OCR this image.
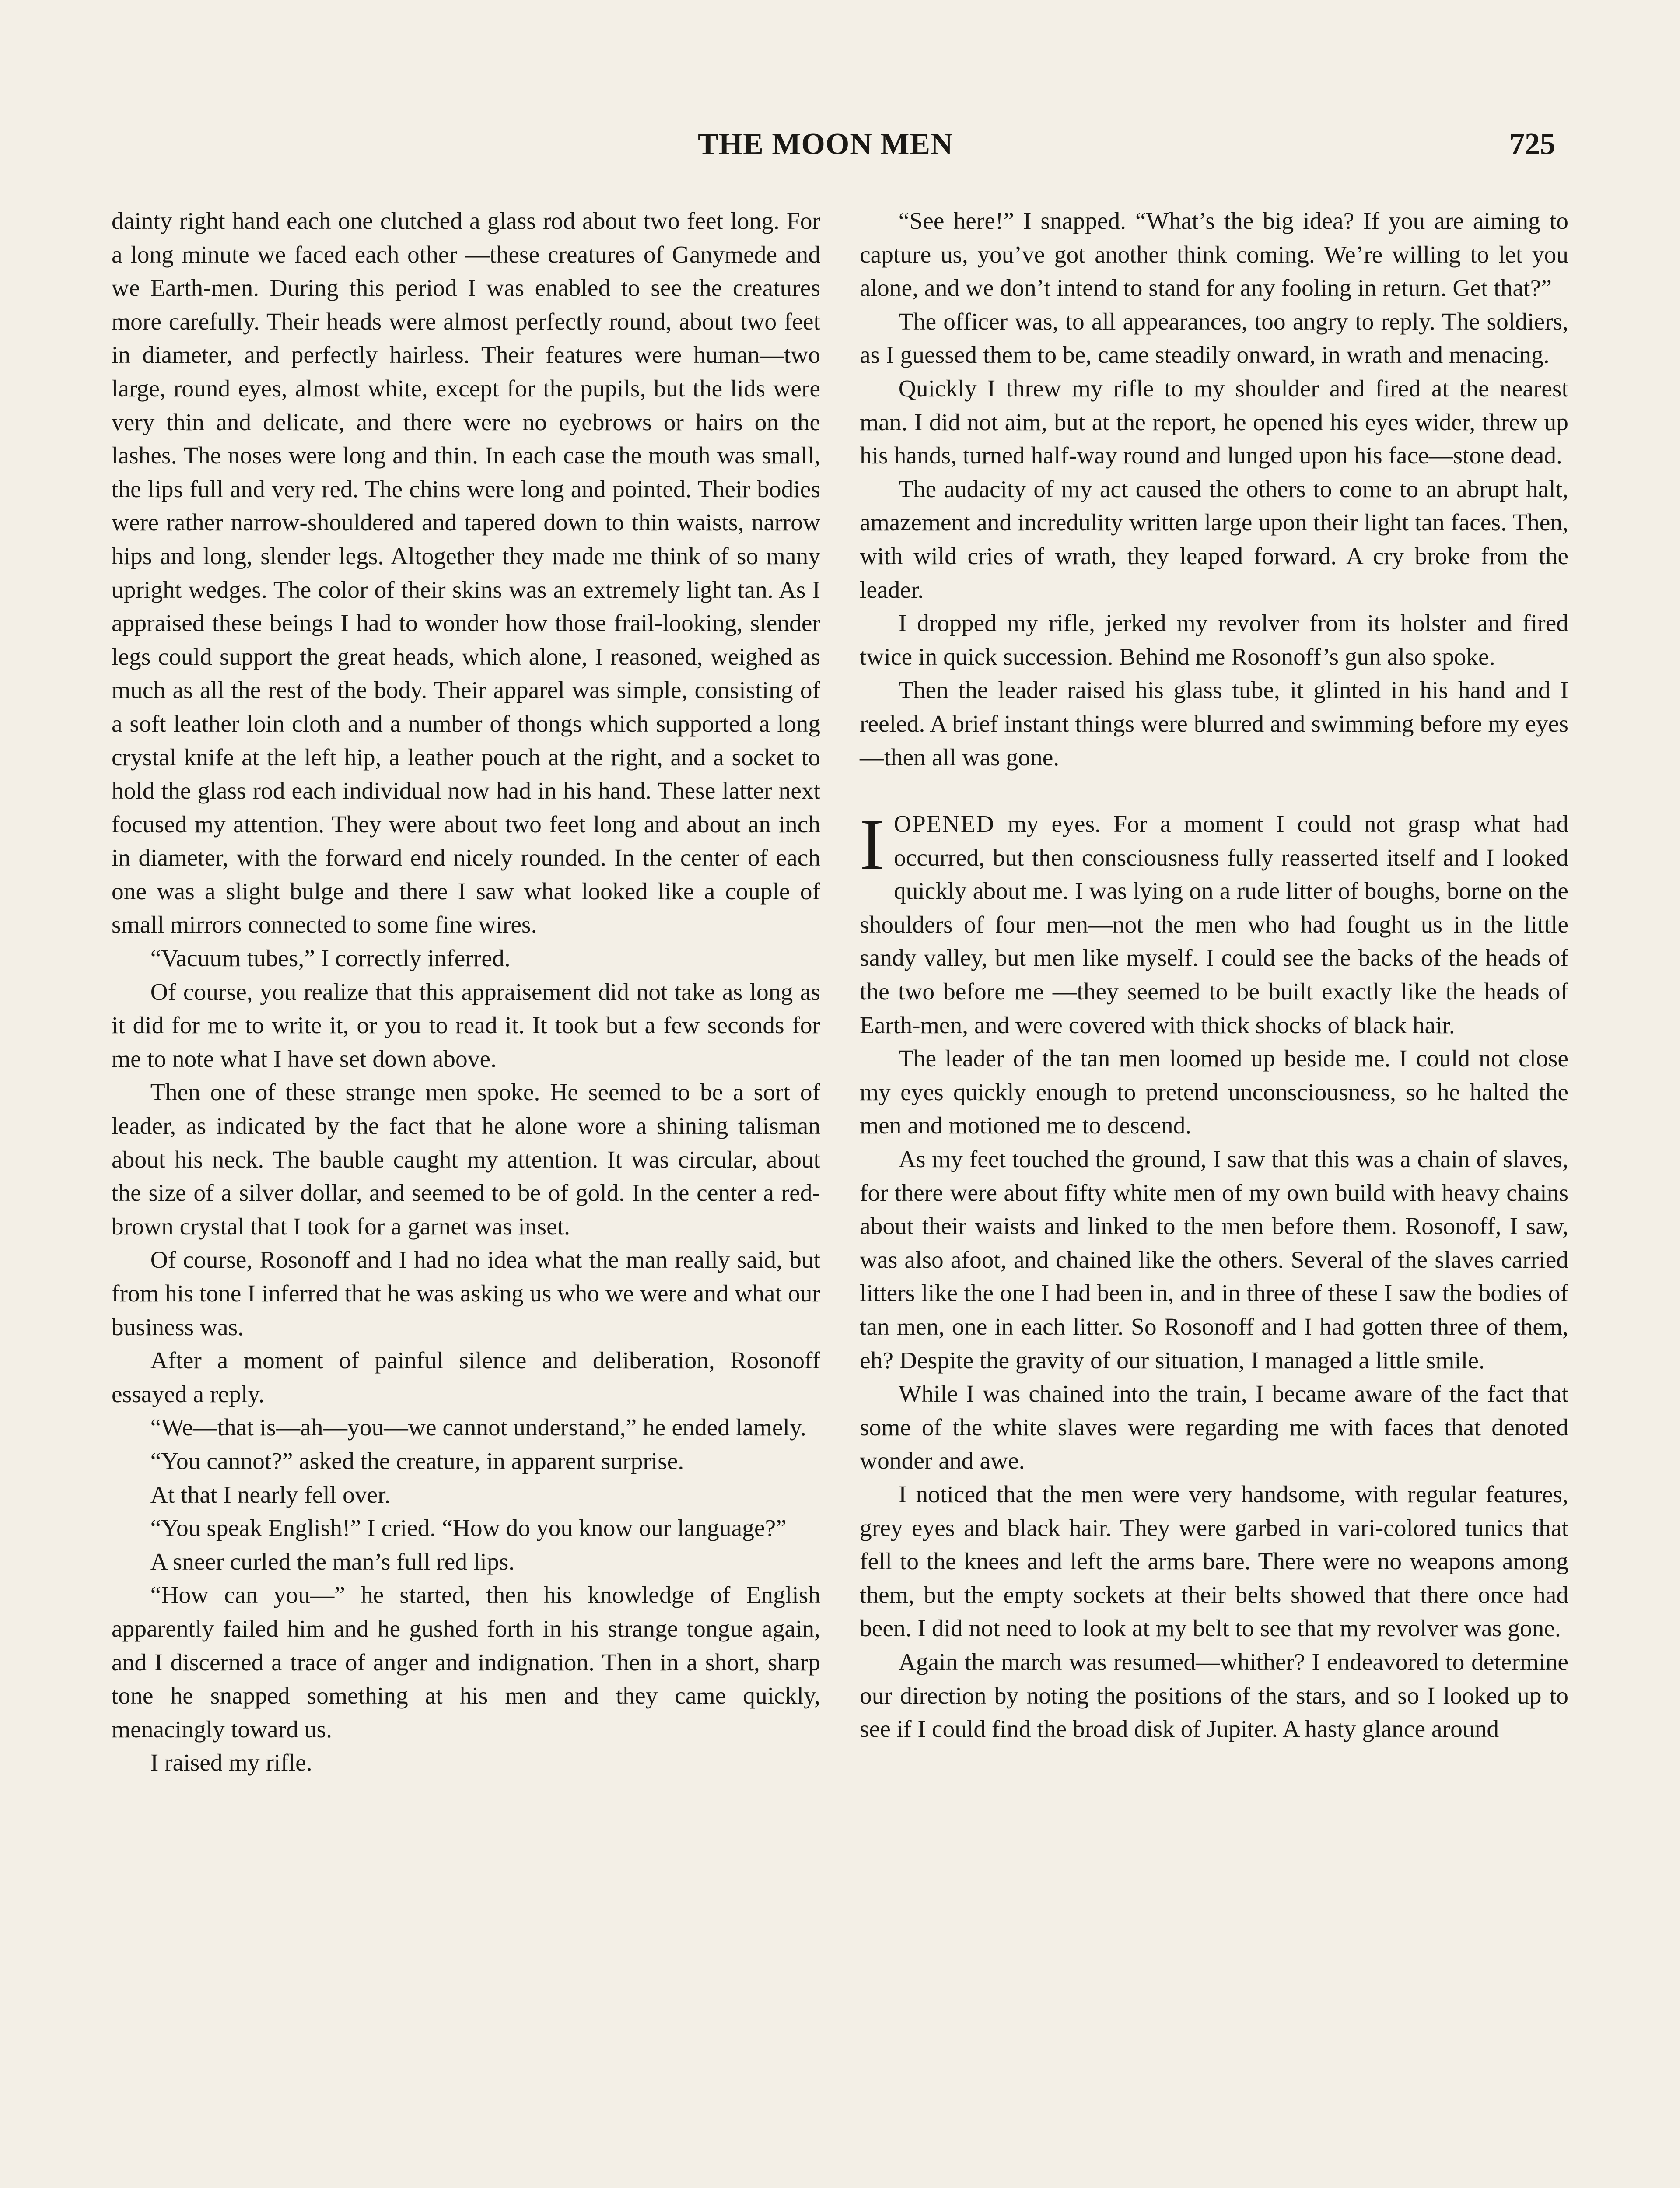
THE MOON MEN	725

dainty right hand each one clutched a glass rod about two feet long. For a long minute we faced each other —these creatures of Ganymede and we Earth-men. During this period I was enabled to see the creatures more carefully. Their heads were almost perfectly round, about two feet in diameter, and perfectly hairless. Their features were human—two large, round eyes, almost white, except for the pupils, but the lids were very thin and delicate, and there were no eyebrows or hairs on the lashes. The noses were long and thin. In each case the mouth was small, the lips full and very red. The chins were long and pointed. Their bodies were rather narrow-shouldered and tapered down to thin waists, narrow hips and long, slender legs. Altogether they made me think of so many upright wedges. The color of their skins was an extremely light tan. As I appraised these beings I had to wonder how those frail-looking, slender legs could support the great heads, which alone, I reasoned, weighed as much as all the rest of the body. Their apparel was simple, consisting of a soft leather loin cloth and a number of thongs which supported a long crystal knife at the left hip, a leather pouch at the right, and a socket to hold the glass rod each individual now had in his hand. These latter next focused my attention. They were about two feet long and about an inch in diameter, with the forward end nicely rounded. In the center of each one was a slight bulge and there I saw what looked like a couple of small mirrors connected to some fine wires.

“Vacuum tubes,” I correctly inferred.

Of course, you realize that this appraisement did not take as long as it did for me to write it, or you to read it. It took but a few seconds for me to note what I have set down above.

Then one of these strange men spoke. He seemed to be a sort of leader, as indicated by the fact that he alone wore a shining talisman about his neck. The bauble caught my attention. It was circular, about the size of a silver dollar, and seemed to be of gold. In the center a red-brown crystal that I took for a garnet was inset.

Of course, Rosonoff and I had no idea what the man really said, but from his tone I inferred that he was asking us who we were and what our business was.

After a moment of painful silence and deliberation, Rosonoff essayed a reply.

“We—that is—ah—you—we cannot understand,” he ended lamely.

“You cannot?” asked the creature, in apparent surprise.

At that I nearly fell over.

“You speak English!” I cried. “How do you know our language?”

A sneer curled the man’s full red lips.

“How can you—” he started, then his knowledge of English apparently failed him and he gushed forth in his strange tongue again, and I discerned a trace of anger and indignation. Then in a short, sharp tone he snapped something at his men and they came quickly, menacingly toward us.

I raised my rifle.

“See here!” I snapped. “What’s the big idea? If you are aiming to capture us, you’ve got another think coming. We’re willing to let you alone, and we don’t intend to stand for any fooling in return. Get that?”

The officer was, to all appearances, too angry to reply. The soldiers, as I guessed them to be, came steadily onward, in wrath and menacing.

Quickly I threw my rifle to my shoulder and fired at the nearest man. I did not aim, but at the report, he opened his eyes wider, threw up his hands, turned half-way round and lunged upon his face—stone dead.

The audacity of my act caused the others to come to an abrupt halt, amazement and incredulity written large upon their light tan faces. Then, with wild cries of wrath, they leaped forward. A cry broke from the leader.

I dropped my rifle, jerked my revolver from its holster and fired twice in quick succession. Behind me Rosonoff’s gun also spoke.

Then the leader raised his glass tube, it glinted in his hand and I reeled. A brief instant things were blurred and swimming before my eyes—then all was gone.

IOPENED my eyes. For a moment I could not grasp what had occurred, but then consciousness fully reasserted itself and I looked quickly about me. I was lying on a rude litter of boughs, borne on the shoulders of four men—not the men who had fought us in the little sandy valley, but men like myself. I could see the backs of the heads of the two before me —they seemed to be built exactly like the heads of Earth-men, and were covered with thick shocks of black hair.

The leader of the tan men loomed up beside me. I could not close my eyes quickly enough to pretend unconsciousness, so he halted the men and motioned me to descend.

As my feet touched the ground, I saw that this was a chain of slaves, for there were about fifty white men of my own build with heavy chains about their waists and linked to the men before them. Rosonoff, I saw, was also afoot, and chained like the others. Several of the slaves carried litters like the one I had been in, and in three of these I saw the bodies of tan men, one in each litter. So Rosonoff and I had gotten three of them, eh? Despite the gravity of our situation, I managed a little smile.

While I was chained into the train, I became aware of the fact that some of the white slaves were regarding me with faces that denoted wonder and awe.

I noticed that the men were very handsome, with regular features, grey eyes and black hair. They were garbed in vari-colored tunics that fell to the knees and left the arms bare. There were no weapons among them, but the empty sockets at their belts showed that there once had been. I did not need to look at my belt to see that my revolver was gone.

Again the march was resumed—whither? I endeavored to determine our direction by noting the positions of the stars, and so I looked up to see if I could find the broad disk of Jupiter. A hasty glance around
